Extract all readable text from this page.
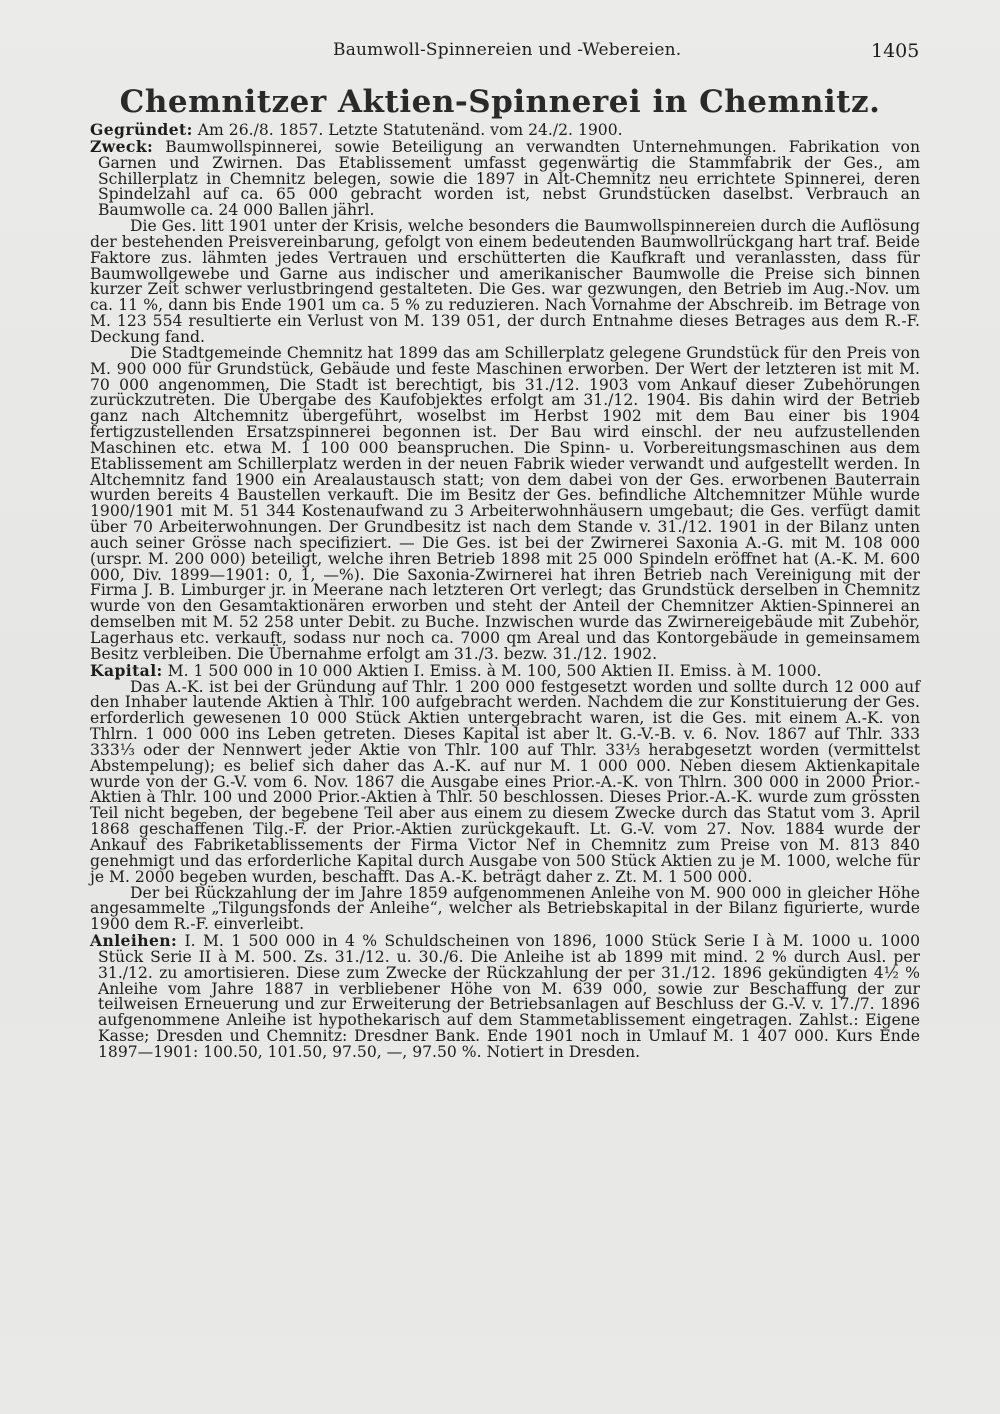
Baumwoll-Spinnereien und -Webereien.	1405
Chemnitzer Aktien-Spinnerei in Chemnitz.

Gegründet: Am 26./8. 1857. Letzte Statutenänd. vom 24./2. 1900.

Zweck: Baumwollspinnerei, sowie Beteiligung an verwandten Unternehmungen. Fabrikation von Garnen und Zwirnen. Das Etablissement umfasst gegenwärtig die Stammfabrik der Ges., am Schillerplatz in Chemnitz belegen, sowie die 1897 in Alt-Chemnitz neu errichtete Spinnerei, deren Spindelzahl auf ca. 65 000 gebracht worden ist, nebst Grundstücken daselbst. Verbrauch an Baumwolle ca. 24 000 Ballen jährl.

Die Ges. litt 1901 unter der Krisis, welche besonders die Baumwollspinnereien durch die Auflösung der bestehenden Preisvereinbarung, gefolgt von einem bedeutenden Baumwollrückgang hart traf. Beide Faktore zus. lähmten jedes Vertrauen und erschütterten die Kaufkraft und veranlassten, dass für Baumwollgewebe und Garne aus indischer und amerikanischer Baumwolle die Preise sich binnen kurzer Zeit schwer verlustbringend gestalteten. Die Ges. war gezwungen, den Betrieb im Aug.-Nov. um ca. 11 %, dann bis Ende 1901 um ca. 5 % zu reduzieren. Nach Vornahme der Abschreib. im Betrage von M. 123 554 resultierte ein Verlust von M. 139 051, der durch Entnahme dieses Betrages aus dem R.-F. Deckung fand.

Die Stadtgemeinde Chemnitz hat 1899 das am Schillerplatz gelegene Grundstück für den Preis von M. 900 000 für Grundstück, Gebäude und feste Maschinen erworben. Der Wert der letzteren ist mit M. 70 000 angenommen. Die Stadt ist berechtigt, bis 31./12. 1903 vom Ankauf dieser Zubehörungen zurückzutreten. Die Übergabe des Kaufobjektes erfolgt am 31./12. 1904. Bis dahin wird der Betrieb ganz nach Altchemnitz übergeführt, woselbst im Herbst 1902 mit dem Bau einer bis 1904 fertigzustellenden Ersatzspinnerei begonnen ist. Der Bau wird einschl. der neu aufzustellenden Maschinen etc. etwa M. 1 100 000 beanspruchen. Die Spinn- u. Vorbereitungsmaschinen aus dem Etablissement am Schillerplatz werden in der neuen Fabrik wieder verwandt und aufgestellt werden. In Altchemnitz fand 1900 ein Arealaustausch statt; von dem dabei von der Ges. erworbenen Bauterrain wurden bereits 4 Baustellen verkauft. Die im Besitz der Ges. befindliche Altchemnitzer Mühle wurde 1900/1901 mit M. 51 344 Kostenaufwand zu 3 Arbeiterwohnhäusern umgebaut; die Ges. verfügt damit über 70 Arbeiterwohnungen. Der Grundbesitz ist nach dem Stande v. 31./12. 1901 in der Bilanz unten auch seiner Grösse nach specifiziert. — Die Ges. ist bei der Zwirnerei Saxonia A.-G. mit M. 108 000 (urspr. M. 200 000) beteiligt, welche ihren Betrieb 1898 mit 25 000 Spindeln eröffnet hat (A.-K. M. 600 000, Div. 1899—1901: 0, 1, —%). Die Saxonia-Zwirnerei hat ihren Betrieb nach Vereinigung mit der Firma J. B. Limburger jr. in Meerane nach letzteren Ort verlegt; das Grundstück derselben in Chemnitz wurde von den Gesamtaktionären erworben und steht der Anteil der Chemnitzer Aktien-Spinnerei an demselben mit M. 52 258 unter Debit. zu Buche. Inzwischen wurde das Zwirnereigebäude mit Zubehör, Lagerhaus etc. verkauft, sodass nur noch ca. 7000 qm Areal und das Kontorgebäude in gemeinsamem Besitz verbleiben. Die Übernahme erfolgt am 31./3. bezw. 31./12. 1902.

Kapital: M. 1 500 000 in 10 000 Aktien I. Emiss. à M. 100, 500 Aktien II. Emiss. à M. 1000.

Das A.-K. ist bei der Gründung auf Thlr. 1 200 000 festgesetzt worden und sollte durch 12 000 auf den Inhaber lautende Aktien à Thlr. 100 aufgebracht werden. Nachdem die zur Konstituierung der Ges. erforderlich gewesenen 10 000 Stück Aktien untergebracht waren, ist die Ges. mit einem A.-K. von Thlrn. 1 000 000 ins Leben getreten. Dieses Kapital ist aber lt. G.-V.-B. v. 6. Nov. 1867 auf Thlr. 333 333⅓ oder der Nennwert jeder Aktie von Thlr. 100 auf Thlr. 33⅓ herabgesetzt worden (vermittelst Abstempelung); es belief sich daher das A.-K. auf nur M. 1 000 000. Neben diesem Aktienkapitale wurde von der G.-V. vom 6. Nov. 1867 die Ausgabe eines Prior.-A.-K. von Thlrn. 300 000 in 2000 Prior.-Aktien à Thlr. 100 und 2000 Prior.-Aktien à Thlr. 50 beschlossen. Dieses Prior.-A.-K. wurde zum grössten Teil nicht begeben, der begebene Teil aber aus einem zu diesem Zwecke durch das Statut vom 3. April 1868 geschaffenen Tilg.-F. der Prior.-Aktien zurückgekauft. Lt. G.-V. vom 27. Nov. 1884 wurde der Ankauf des Fabriketablissements der Firma Victor Nef in Chemnitz zum Preise von M. 813 840 genehmigt und das erforderliche Kapital durch Ausgabe von 500 Stück Aktien zu je M. 1000, welche für je M. 2000 begeben wurden, beschafft. Das A.-K. beträgt daher z. Zt. M. 1 500 000.

Der bei Rückzahlung der im Jahre 1859 aufgenommenen Anleihe von M. 900 000 in gleicher Höhe angesammelte „Tilgungsfonds der Anleihe“, welcher als Betriebskapital in der Bilanz figurierte, wurde 1900 dem R.-F. einverleibt.

Anleihen: I. M. 1 500 000 in 4 % Schuldscheinen von 1896, 1000 Stück Serie I à M. 1000 u. 1000 Stück Serie II à M. 500. Zs. 31./12. u. 30./6. Die Anleihe ist ab 1899 mit mind. 2 % durch Ausl. per 31./12. zu amortisieren. Diese zum Zwecke der Rückzahlung der per 31./12. 1896 gekündigten 4½ % Anleihe vom Jahre 1887 in verbliebener Höhe von M. 639 000, sowie zur Beschaffung der zur teilweisen Erneuerung und zur Erweiterung der Betriebsanlagen auf Beschluss der G.-V. v. 17./7. 1896 aufgenommene Anleihe ist hypothekarisch auf dem Stammetablissement eingetragen. Zahlst.: Eigene Kasse; Dresden und Chemnitz: Dresdner Bank. Ende 1901 noch in Umlauf M. 1 407 000. Kurs Ende 1897—1901: 100.50, 101.50, 97.50, —, 97.50 %. Notiert in Dresden.
